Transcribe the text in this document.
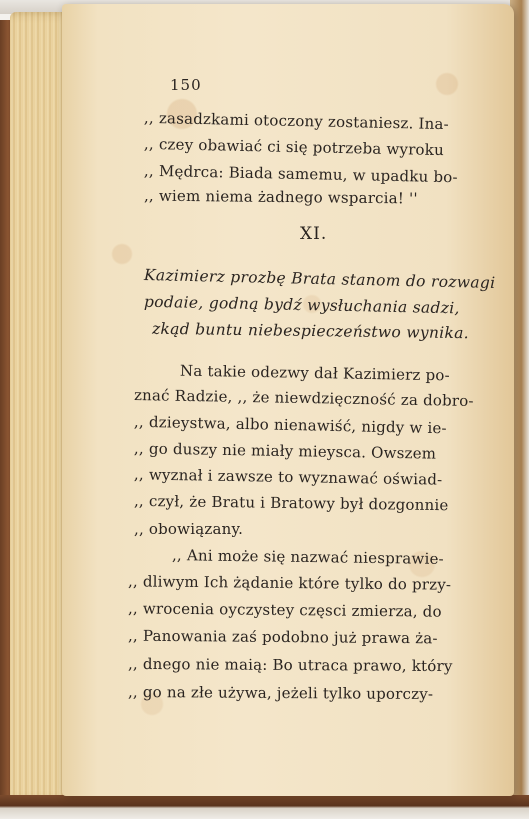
150
,, zasadzkami otoczony zostaniesz. Ina-
,, czey obawiać ci się potrzeba wyroku
,, Mędrca: Biada samemu, w upadku bo-
,, wiem niema żadnego wsparcia! ''
XI.
Kazimierz prozbę Brata stanom do rozwagi
podaie, godną bydź wysłuchania sadzi,
zkąd buntu niebespieczeństwo wynika.
Na takie odezwy dał Kazimierz po-
znać Radzie, ,, że niewdzięczność za dobro-
,, dzieystwa, albo nienawiść, nigdy w ie-
,, go duszy nie miały mieysca. Owszem
,, wyznał i zawsze to wyznawać oświad-
,, czył, że Bratu i Bratowy był dozgonnie
,, obowiązany.
,, Ani może się nazwać niesprawie-
,, dliwym Ich żądanie które tylko do przy-
,, wrocenia oyczystey częsci zmierza, do
,, Panowania zaś podobno już prawa ża-
,, dnego nie maią: Bo utraca prawo, który
,, go na złe używa, jeżeli tylko uporczy-
